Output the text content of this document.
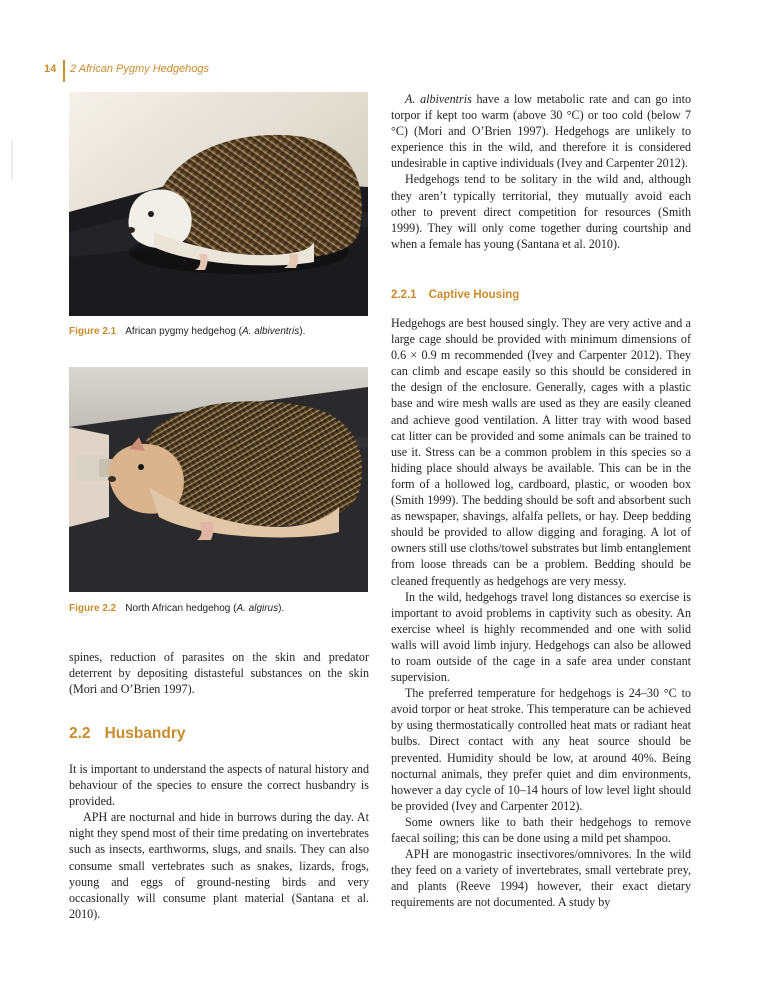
14 2 African Pygmy Hedgehogs
Figure 2.1 African pygmy hedgehog (A. albiventris).
Figure 2.2 North African hedgehog (A. algirus).

spines, reduction of parasites on the skin and predator deterrent by depositing distasteful substances on the skin (Mori and O’Brien 1997).

2.2 Husbandry

It is important to understand the aspects of natural history and behaviour of the species to ensure the correct husbandry is provided.

APH are nocturnal and hide in burrows during the day. At night they spend most of their time predating on invertebrates such as insects, earthworms, slugs, and snails. They can also consume small vertebrates such as snakes, lizards, frogs, young and eggs of ground-nesting birds and very occasionally will consume plant material (Santana et al. 2010).

A. albiventris have a low metabolic rate and can go into torpor if kept too warm (above 30 °C) or too cold (below 7 °C) (Mori and O’Brien 1997). Hedgehogs are unlikely to experience this in the wild, and therefore it is considered undesirable in captive individuals (Ivey and Carpenter 2012).

Hedgehogs tend to be solitary in the wild and, although they aren’t typically territorial, they mutually avoid each other to prevent direct competition for resources (Smith 1999). They will only come together during courtship and when a female has young (Santana et al. 2010).

2.2.1 Captive Housing

Hedgehogs are best housed singly. They are very active and a large cage should be provided with minimum dimensions of 0.6 × 0.9 m recommended (Ivey and Carpenter 2012). They can climb and escape easily so this should be considered in the design of the enclosure. Generally, cages with a plastic base and wire mesh walls are used as they are easily cleaned and achieve good ventilation. A litter tray with wood based cat litter can be provided and some animals can be trained to use it. Stress can be a common problem in this species so a hiding place should always be available. This can be in the form of a hollowed log, cardboard, plastic, or wooden box (Smith 1999). The bedding should be soft and absorbent such as newspaper, shavings, alfalfa pellets, or hay. Deep bedding should be provided to allow digging and foraging. A lot of owners still use cloths/towel substrates but limb entanglement from loose threads can be a problem. Bedding should be cleaned frequently as hedgehogs are very messy.

In the wild, hedgehogs travel long distances so exercise is important to avoid problems in captivity such as obesity. An exercise wheel is highly recommended and one with solid walls will avoid limb injury. Hedgehogs can also be allowed to roam outside of the cage in a safe area under constant supervision.

The preferred temperature for hedgehogs is 24–30 °C to avoid torpor or heat stroke. This temperature can be achieved by using thermostatically controlled heat mats or radiant heat bulbs. Direct contact with any heat source should be prevented. Humidity should be low, at around 40%. Being nocturnal animals, they prefer quiet and dim environments, however a day cycle of 10–14 hours of low level light should be provided (Ivey and Carpenter 2012).

Some owners like to bath their hedgehogs to remove faecal soiling; this can be done using a mild pet shampoo.

APH are monogastric insectivores/omnivores. In the wild they feed on a variety of invertebrates, small vertebrate prey, and plants (Reeve 1994) however, their exact dietary requirements are not documented. A study by
